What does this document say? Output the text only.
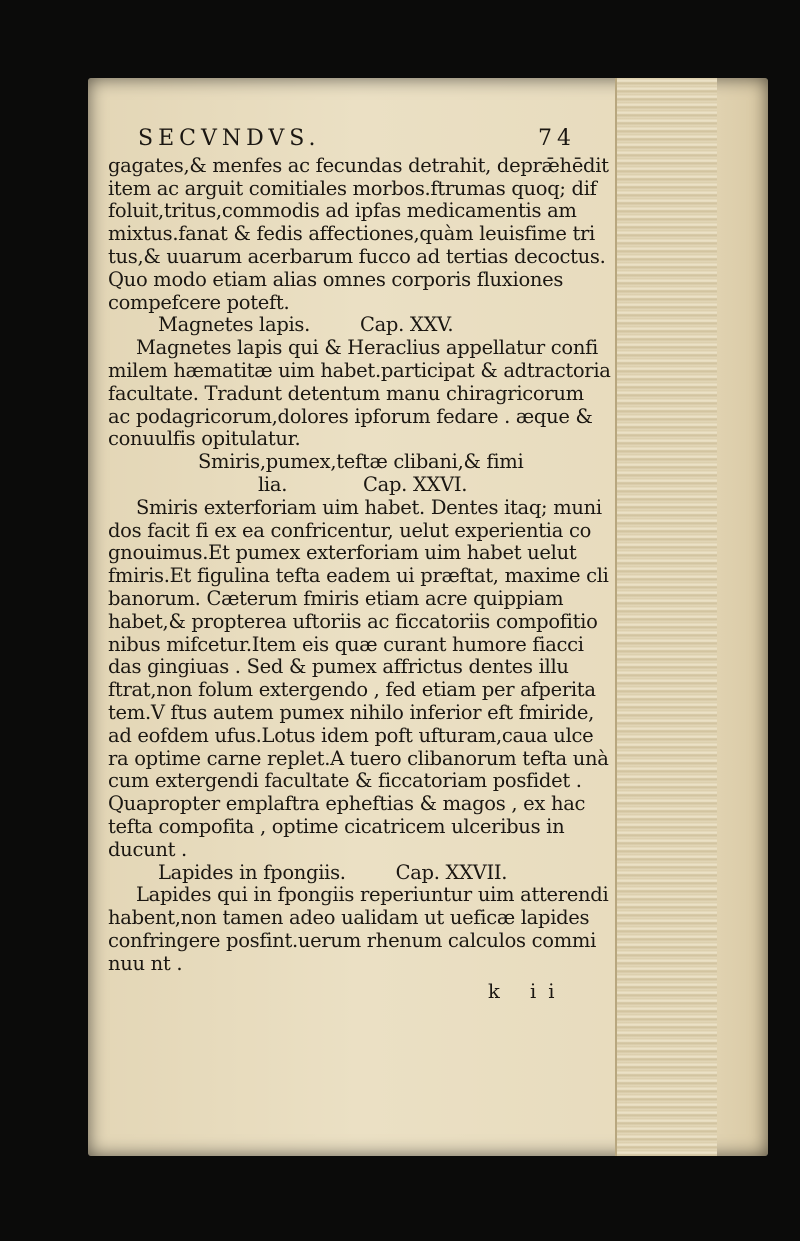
SECVNDVS.	74
gagates,& menfes ac fecundas detrahit, deprǣhēdit
item ac arguit comitiales morbos.ftrumas quoq; dif
foluit,tritus,commodis ad ipfas medicamentis am
mixtus.fanat & fedis affectiones,quàm leuisfime tri
tus,& uuarum acerbarum fucco ad tertias decoctus.
Quo modo etiam alias omnes corporis fluxiones
compefcere poteft.
Magnetes lapis.	Cap. XXV.
Magnetes lapis qui & Heraclius appellatur confi
milem hæmatitæ uim habet.participat & adtractoria
facultate. Tradunt detentum manu chiragricorum
ac podagricorum,dolores ipforum fedare . æque &
conuulfis opitulatur.
Smiris,pumex,teftæ clibani,& fimi
lia.	Cap. XXVI.
Smiris exterforiam uim habet. Dentes itaq; muni
dos facit fi ex ea confricentur, uelut experientia co
gnouimus.Et pumex exterforiam uim habet uelut
fmiris.Et figulina tefta eadem ui præftat, maxime cli
banorum. Cæterum fmiris etiam acre quippiam
habet,& propterea uftoriis ac ficcatoriis compofitio
nibus mifcetur.Item eis quæ curant humore fiacci
das gingiuas . Sed & pumex affrictus dentes illu
ftrat,non folum extergendo , fed etiam per afperita
tem.V ftus autem pumex nihilo inferior eft fmiride,
ad eofdem ufus.Lotus idem poft ufturam,caua ulce
ra optime carne replet.A tuero clibanorum tefta unà
cum extergendi facultate & ficcatoriam posfidet .
Quapropter emplaftra epheftias & magos , ex hac
tefta compofita , optime cicatricem ulceribus in
ducunt .
Lapides in fpongiis.	Cap. XXVII.
Lapides qui in fpongiis reperiuntur uim atterendi
habent,non tamen adeo ualidam ut ueficæ lapides
confringere posfint.uerum rhenum calculos commi
nuu nt .
k ii
